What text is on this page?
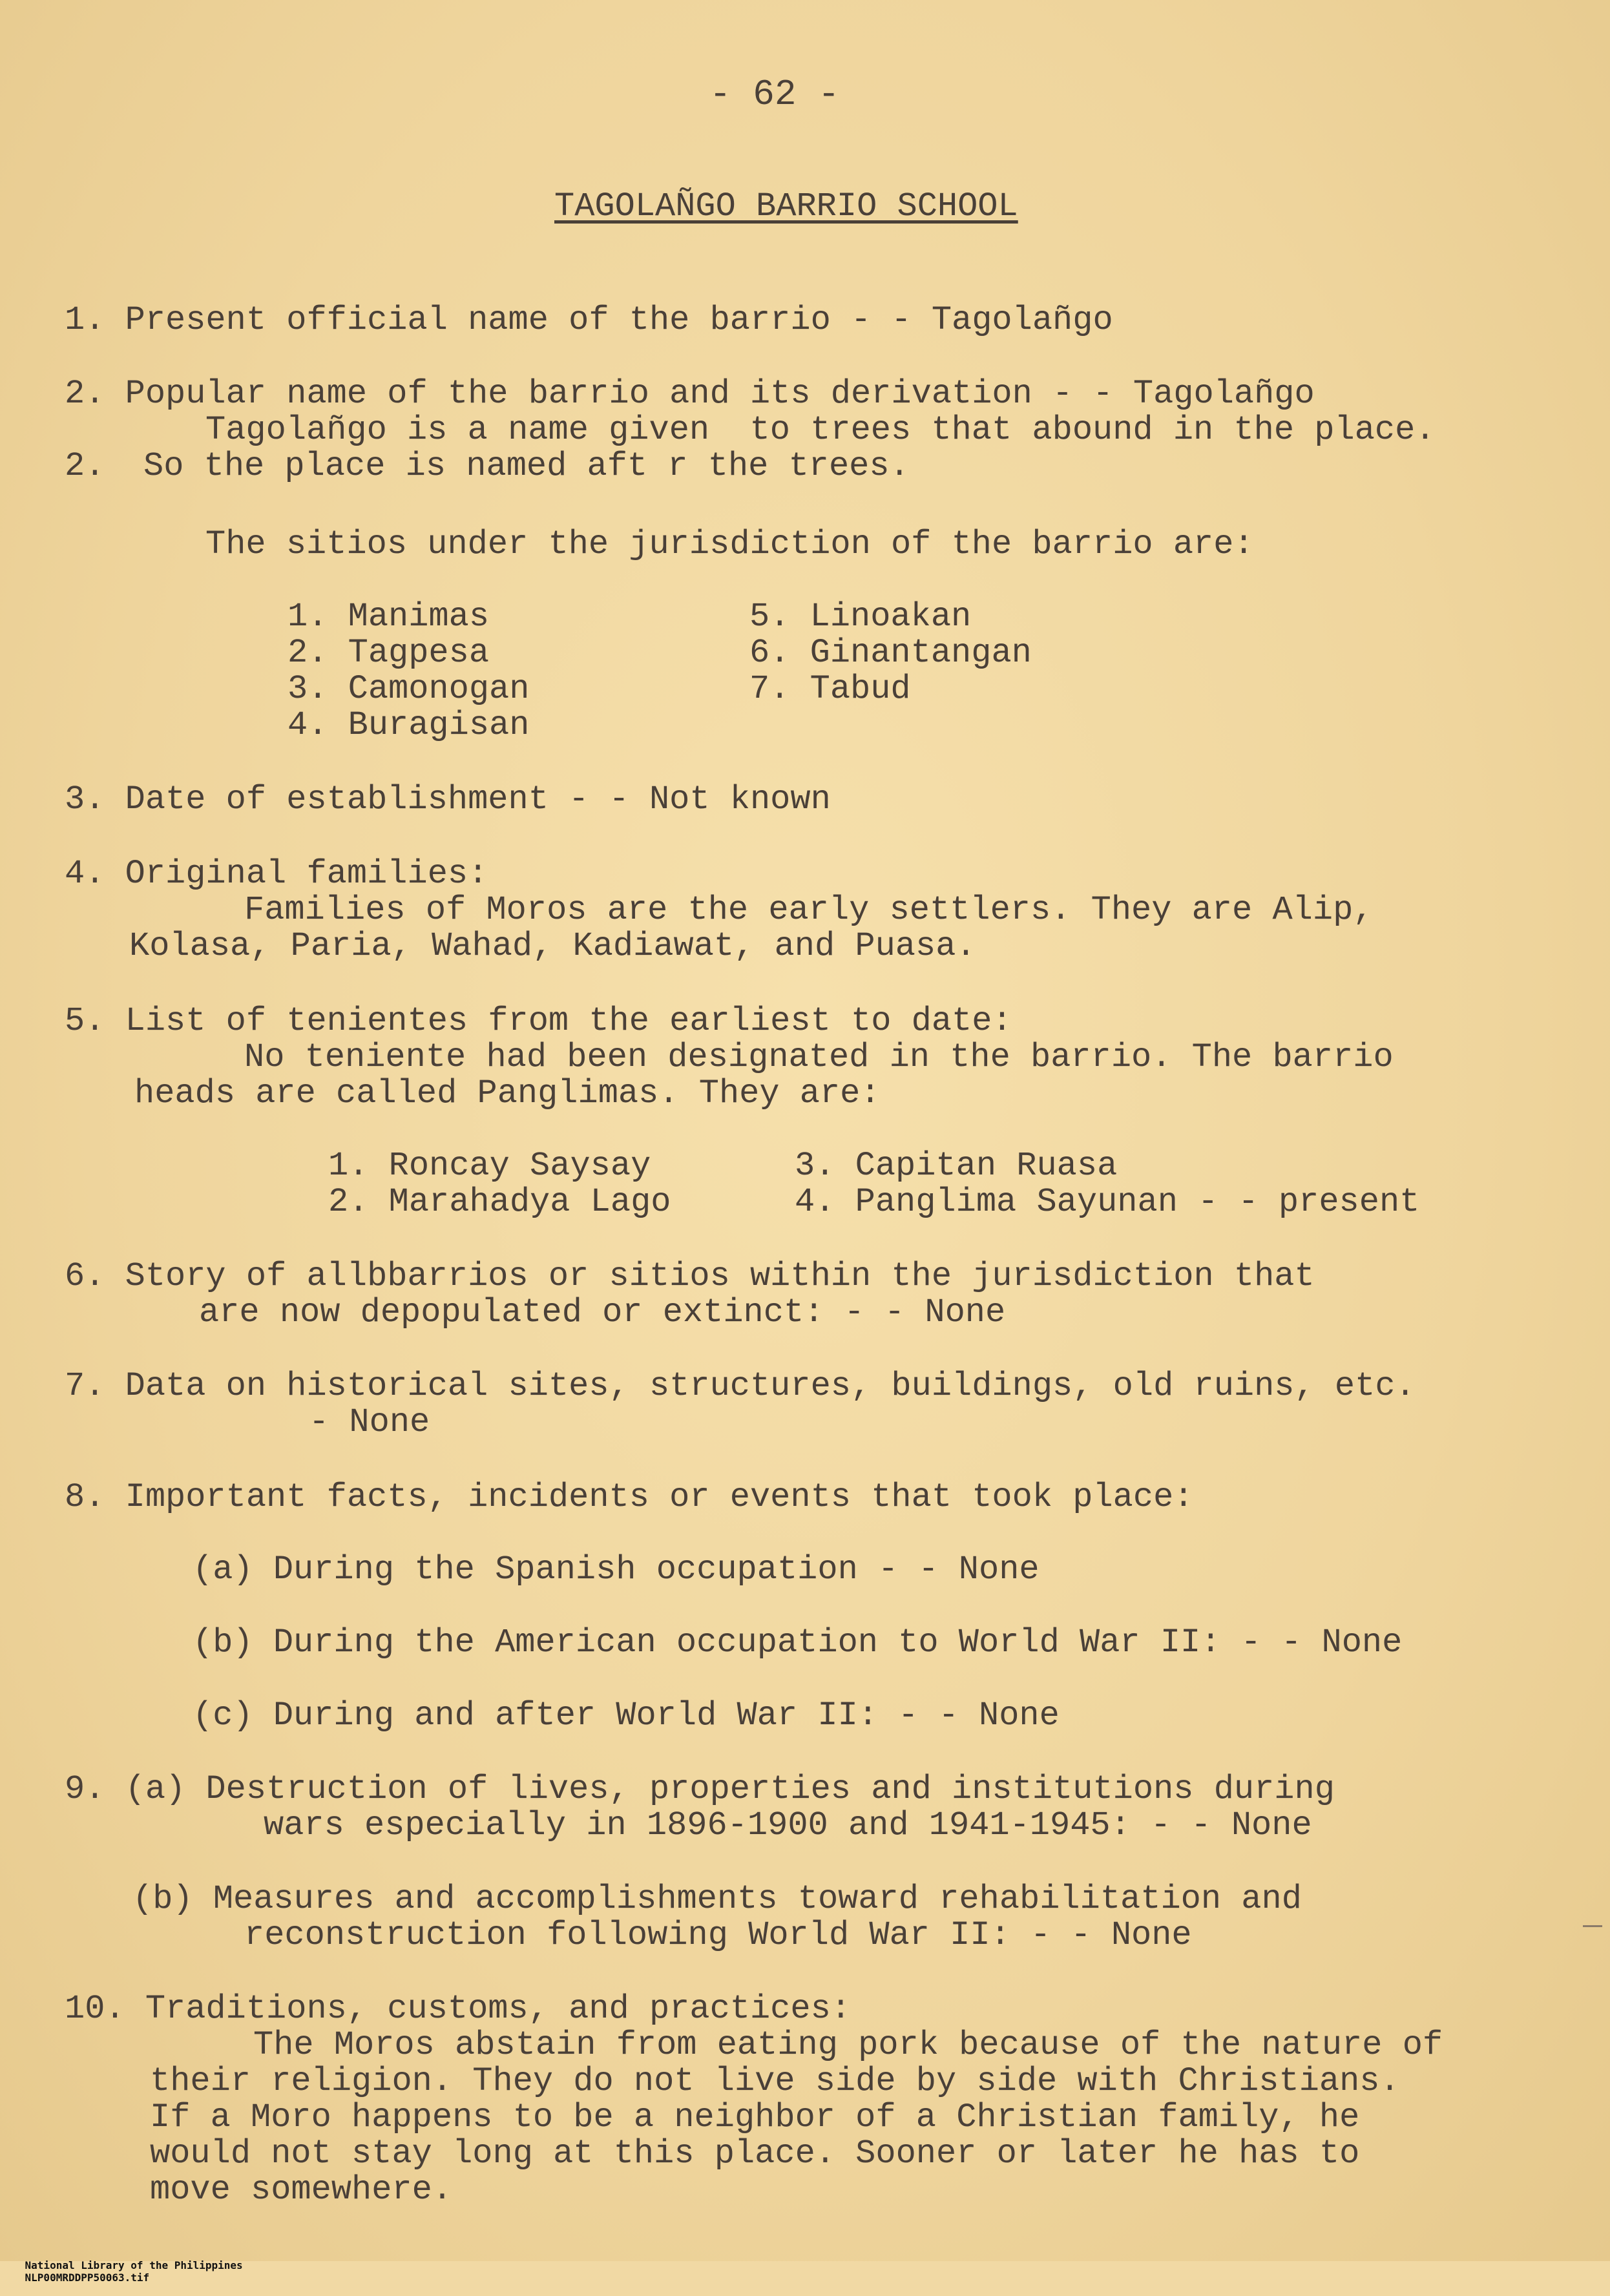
- 62 -
TAGOLAÑGO BARRIO SCHOOL
1. Present official name of the barrio - - Tagolañgo
2. Popular name of the barrio and its derivation - - Tagolañgo
Tagolañgo is a name given  to trees that abound in the place.
2. So the place is named aft r the trees.
The sitios under the jurisdiction of the barrio are:
1. Manimas
2. Tagpesa
3. Camonogan
4. Buragisan
5. Linoakan
6. Ginantangan
7. Tabud
3. Date of establishment - - Not known
4. Original families:
Families of Moros are the early settlers. They are Alip,
Kolasa, Paria, Wahad, Kadiawat, and Puasa.
5. List of tenientes from the earliest to date:
No teniente had been designated in the barrio. The barrio
heads are called Panglimas. They are:
1. Roncay Saysay
2. Marahadya Lago
3. Capitan Ruasa
4. Panglima Sayunan - - present
6. Story of allbbarrios or sitios within the jurisdiction that
are now depopulated or extinct: - - None
7. Data on historical sites, structures, buildings, old ruins, etc.
- None
8. Important facts, incidents or events that took place:
(a) During the Spanish occupation - - None
(b) During the American occupation to World War II: - - None
(c) During and after World War II: - - None
9. (a) Destruction of lives, properties and institutions during
wars especially in 1896-1900 and 1941-1945: - - None
(b) Measures and accomplishments toward rehabilitation and
reconstruction following World War II: - - None
10. Traditions, customs, and practices:
The Moros abstain from eating pork because of the nature of
their religion. They do not live side by side with Christians.
If a Moro happens to be a neighbor of a Christian family, he
would not stay long at this place. Sooner or later he has to
move somewhere.

National Library of the Philippines
NLP00MRDDPP50063.tif
